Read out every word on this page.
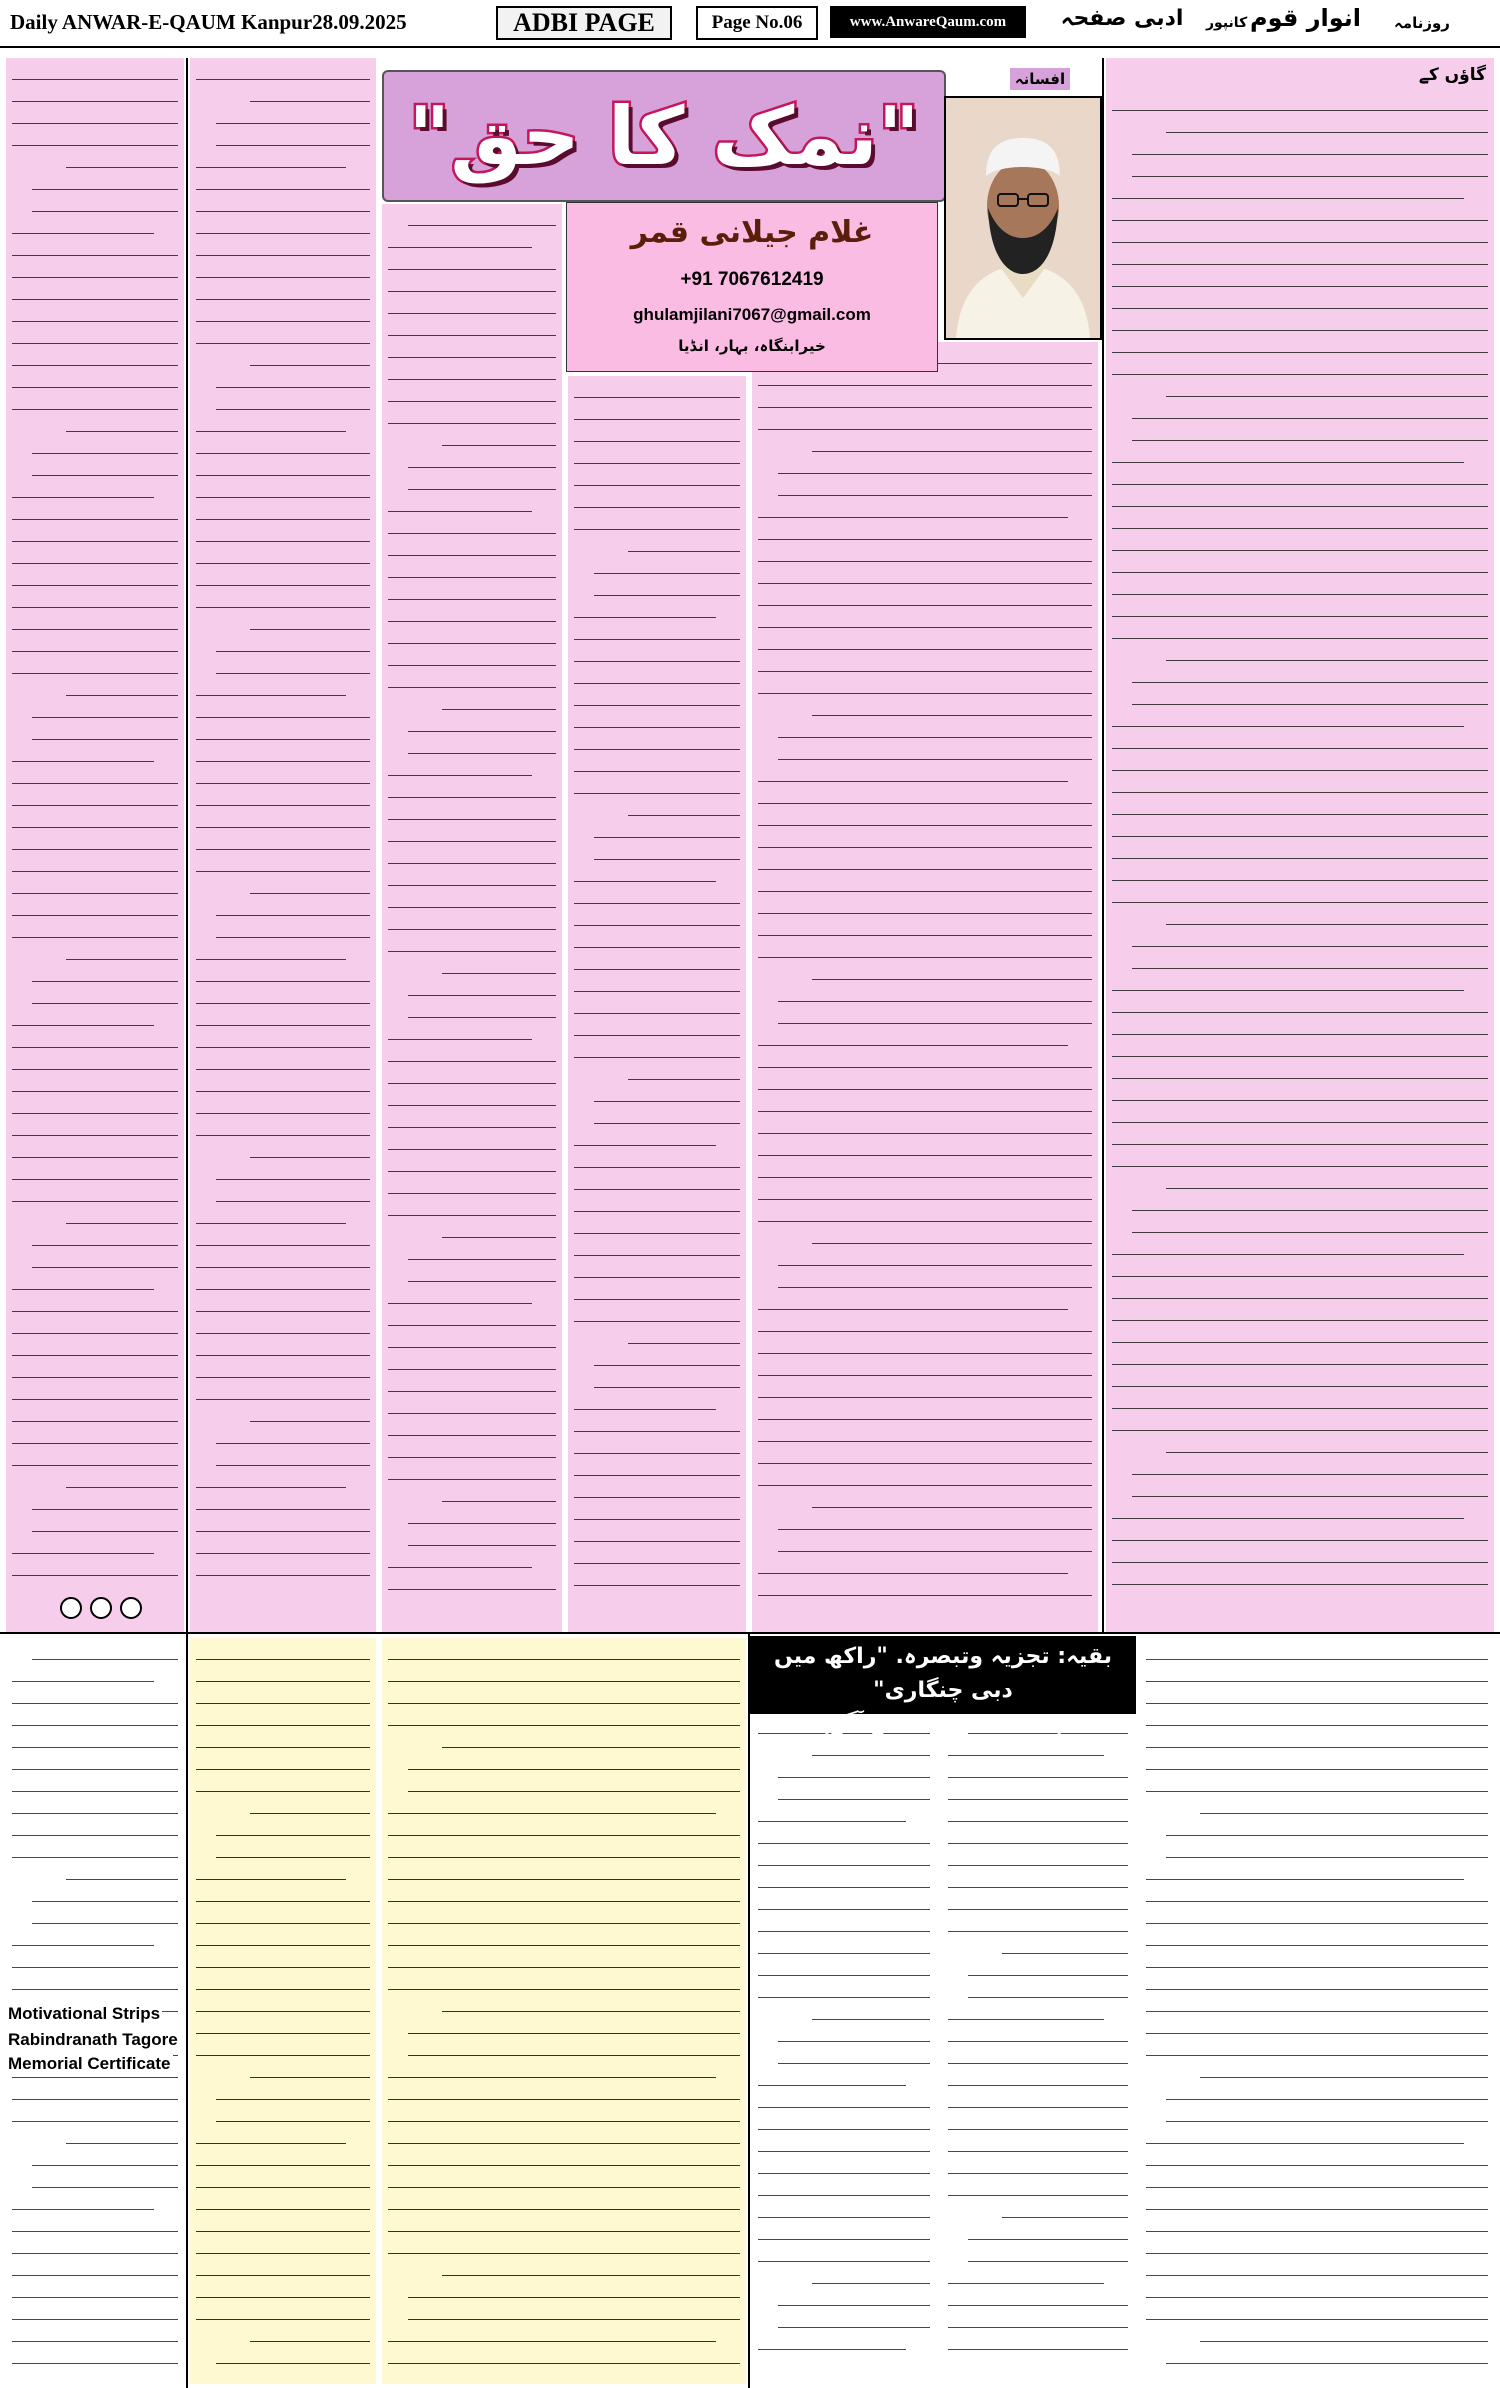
Daily ANWAR-E-QAUM Kanpur28.09.2025	ADBI PAGE	Page No.06	www.AnwareQaum.com	ادبی صفحہ	کانپور انوار قوم روزنامہ
گاؤں کے
"نمک کا حق"
افسانہ
غلام جیلانی قمر
+91 7067612419
ghulamjilani7067@gmail.com
خیرابنگاہ، بہار، انڈیا
بقیہ: تجزیہ وتبصرہ. "راکھ میں دبی چنگاری"
(صفحہ نمبر 7 سے آگے)
Motivational Strips
Rabindranath Tagore
Memorial Certificate
